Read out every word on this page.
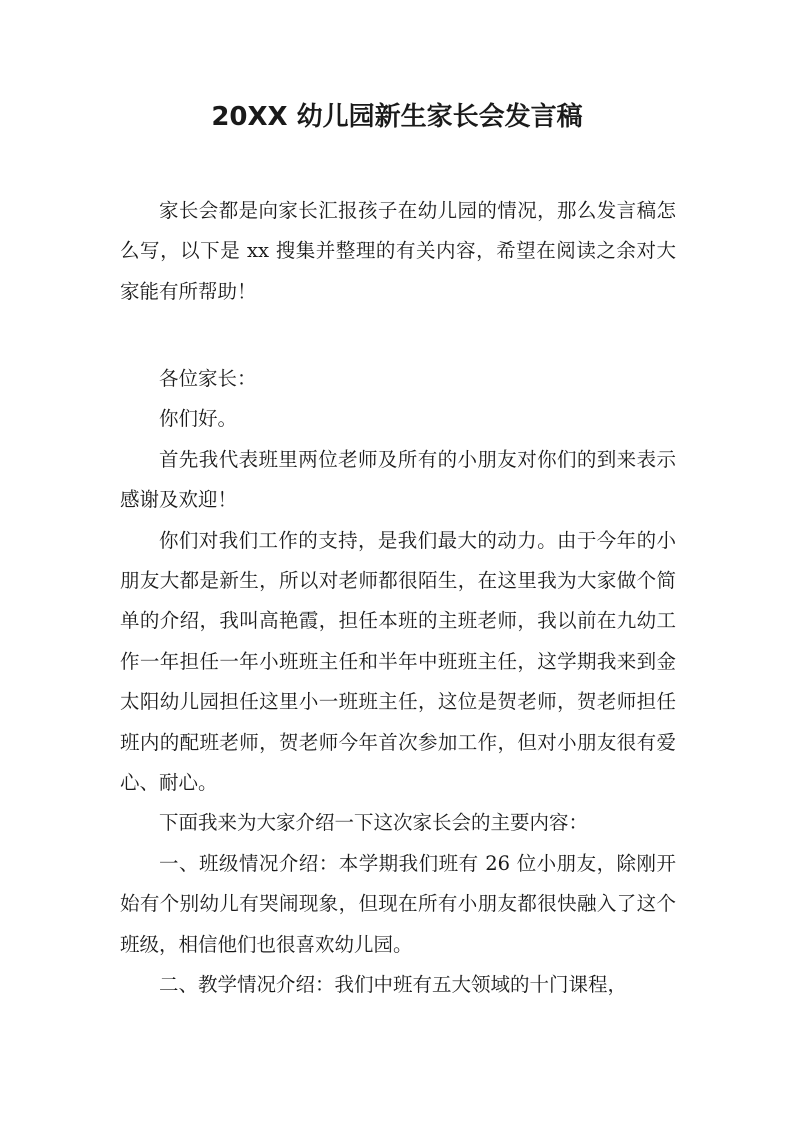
20XX 幼儿园新生家长会发言稿

家长会都是向家长汇报孩子在幼儿园的情况，那么发言稿怎么写，以下是 xx 搜集并整理的有关内容，希望在阅读之余对大家能有所帮助！

各位家长：

你们好。

首先我代表班里两位老师及所有的小朋友对你们的到来表示感谢及欢迎！

你们对我们工作的支持，是我们最大的动力。由于今年的小朋友大都是新生，所以对老师都很陌生，在这里我为大家做个简单的介绍，我叫高艳霞，担任本班的主班老师，我以前在九幼工作一年担任一年小班班主任和半年中班班主任，这学期我来到金太阳幼儿园担任这里小一班班主任，这位是贺老师，贺老师担任班内的配班老师，贺老师今年首次参加工作，但对小朋友很有爱心、耐心。

下面我来为大家介绍一下这次家长会的主要内容：

一、班级情况介绍：本学期我们班有 26 位小朋友，除刚开始有个别幼儿有哭闹现象，但现在所有小朋友都很快融入了这个班级，相信他们也很喜欢幼儿园。

二、教学情况介绍：我们中班有五大领域的十门课程，
